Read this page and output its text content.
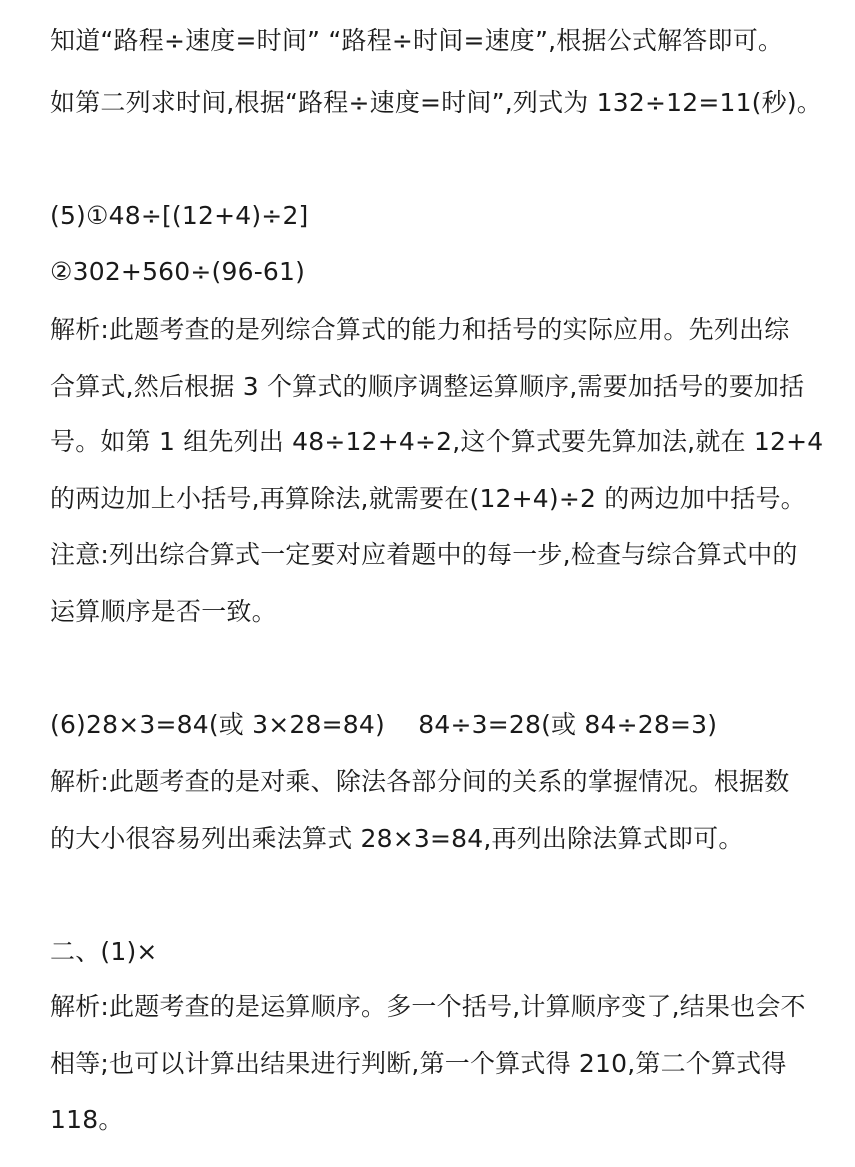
知道“路程÷速度=时间” “路程÷时间=速度”,根据公式解答即可。
如第二列求时间,根据“路程÷速度=时间”,列式为 132÷12=11(秒)。
(5)①48÷[(12+4)÷2]
②302+560÷(96-61)
解析:此题考查的是列综合算式的能力和括号的实际应用。先列出综
合算式,然后根据 3 个算式的顺序调整运算顺序,需要加括号的要加括
号。如第 1 组先列出 48÷12+4÷2,这个算式要先算加法,就在 12+4
的两边加上小括号,再算除法,就需要在(12+4)÷2 的两边加中括号。
注意:列出综合算式一定要对应着题中的每一步,检查与综合算式中的
运算顺序是否一致。
(6)28×3=84(或 3×28=84)　 84÷3=28(或 84÷28=3)
解析:此题考查的是对乘、除法各部分间的关系的掌握情况。根据数
的大小很容易列出乘法算式 28×3=84,再列出除法算式即可。
二、(1)×
解析:此题考查的是运算顺序。多一个括号,计算顺序变了,结果也会不
相等;也可以计算出结果进行判断,第一个算式得 210,第二个算式得
118。
